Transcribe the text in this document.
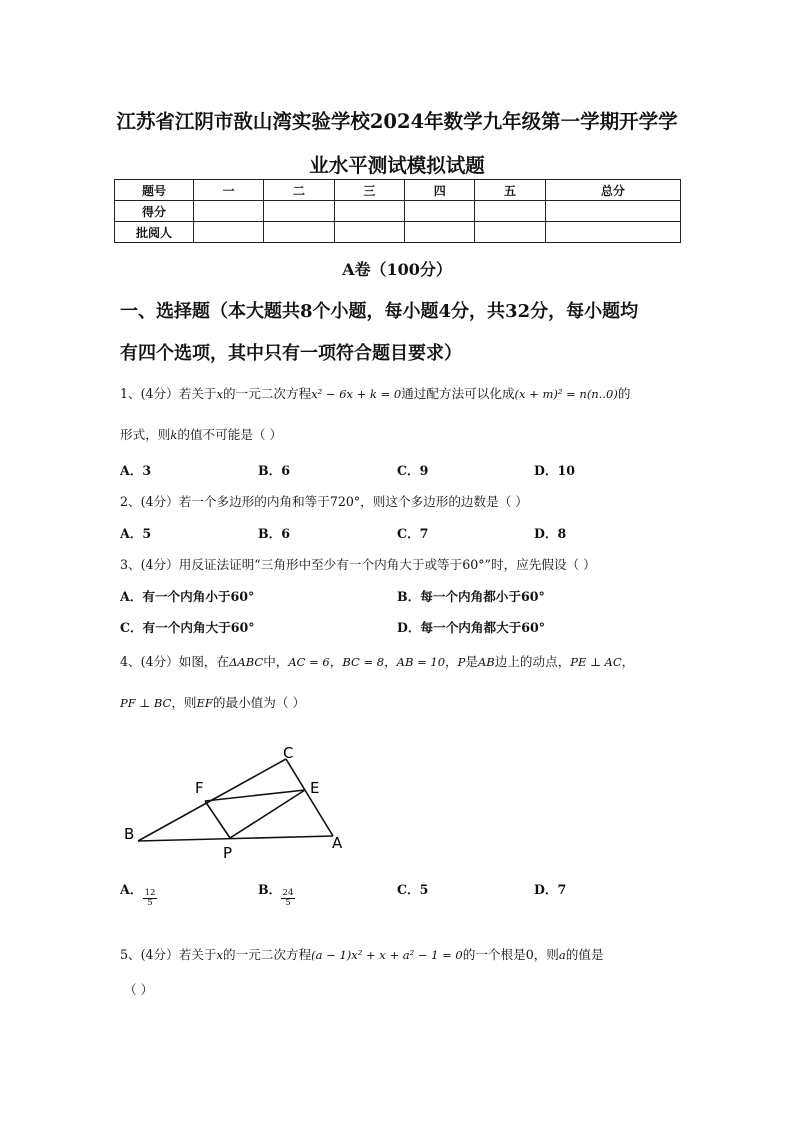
江苏省江阴市敔山湾实验学校2024年数学九年级第一学期开学学
业水平测试模拟试题
题号	一	二	三	四	五	总分
得分						
批阅人						
A卷（100分）
一、选择题（本大题共8个小题，每小题4分，共32分，每小题均
有四个选项，其中只有一项符合题目要求）
1、(4分）若关于x的一元二次方程x² − 6x + k = 0通过配方法可以化成(x + m)² = n(n..0)的
形式，则k的值不可能是（ ）
A．3	B．6	C．9	D．10
2、(4分）若一个多边形的内角和等于720°，则这个多边形的边数是（ ）
A．5	B．6	C．7	D．8
3、(4分）用反证法证明“三角形中至少有一个内角大于或等于60°”时，应先假设（ ）
A．有一个内角小于60°	B．每一个内角都小于60°
C．有一个内角大于60°	D．每一个内角都大于60°
4、(4分）如图，在ΔABC中，AC = 6，BC = 8，AB = 10，P是AB边上的动点，PE ⊥ AC，
PF ⊥ BC，则EF的最小值为（ ）
C
F	E
B
P
A
A． $\frac{12}{5}$	B． $\frac{24}{5}$	C．5	D．7
5、(4分）若关于x的一元二次方程(a − 1)x² + x + a² − 1 = 0的一个根是0，则a的值是
（ ）
